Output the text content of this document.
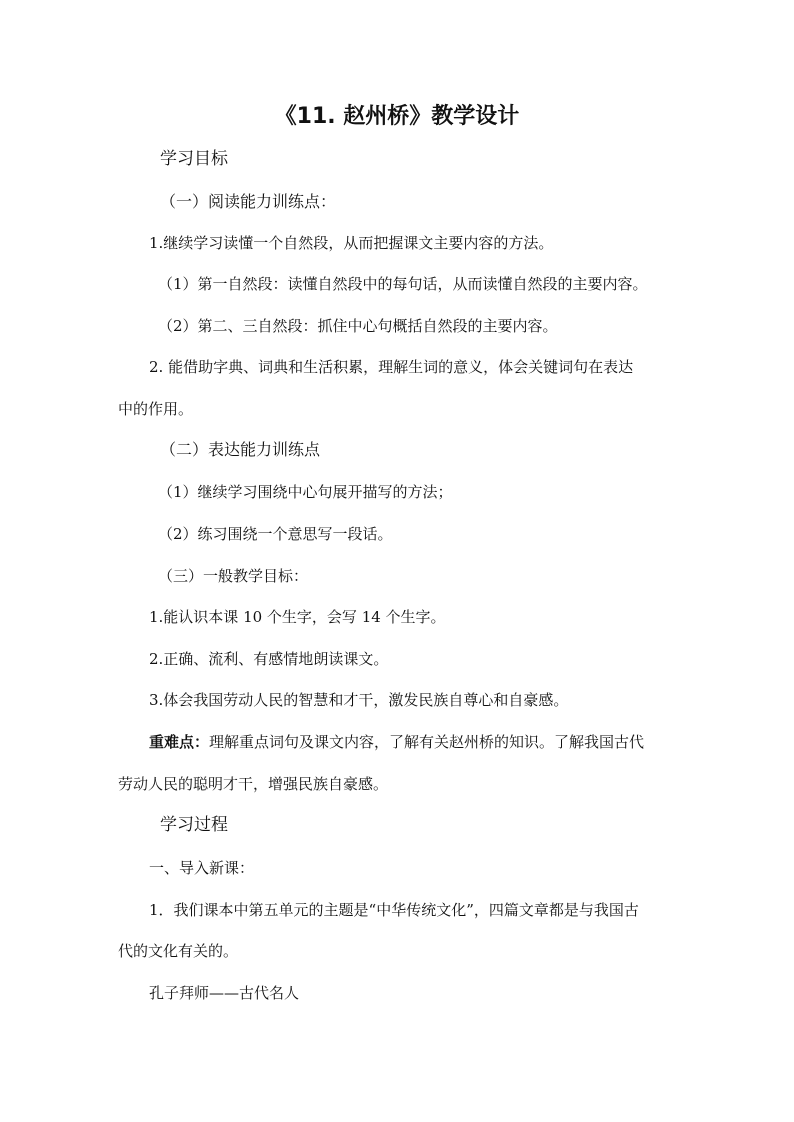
《11. 赵州桥》教学设计
学习目标
（一）阅读能力训练点：
1.继续学习读懂一个自然段，从而把握课文主要内容的方法。
（1）第一自然段：读懂自然段中的每句话，从而读懂自然段的主要内容。
（2）第二、三自然段：抓住中心句概括自然段的主要内容。
2. 能借助字典、词典和生活积累，理解生词的意义，体会关键词句在表达
中的作用。
（二）表达能力训练点
（1）继续学习围绕中心句展开描写的方法；
（2）练习围绕一个意思写一段话。
（三）一般教学目标：
1.能认识本课 10 个生字，会写 14 个生字。
2.正确、流利、有感情地朗读课文。
3.体会我国劳动人民的智慧和才干，激发民族自尊心和自豪感。
重难点：理解重点词句及课文内容，了解有关赵州桥的知识。了解我国古代
劳动人民的聪明才干，增强民族自豪感。
学习过程
一、导入新课：
1．我们课本中第五单元的主题是“中华传统文化”，四篇文章都是与我国古
代的文化有关的。
孔子拜师——古代名人
